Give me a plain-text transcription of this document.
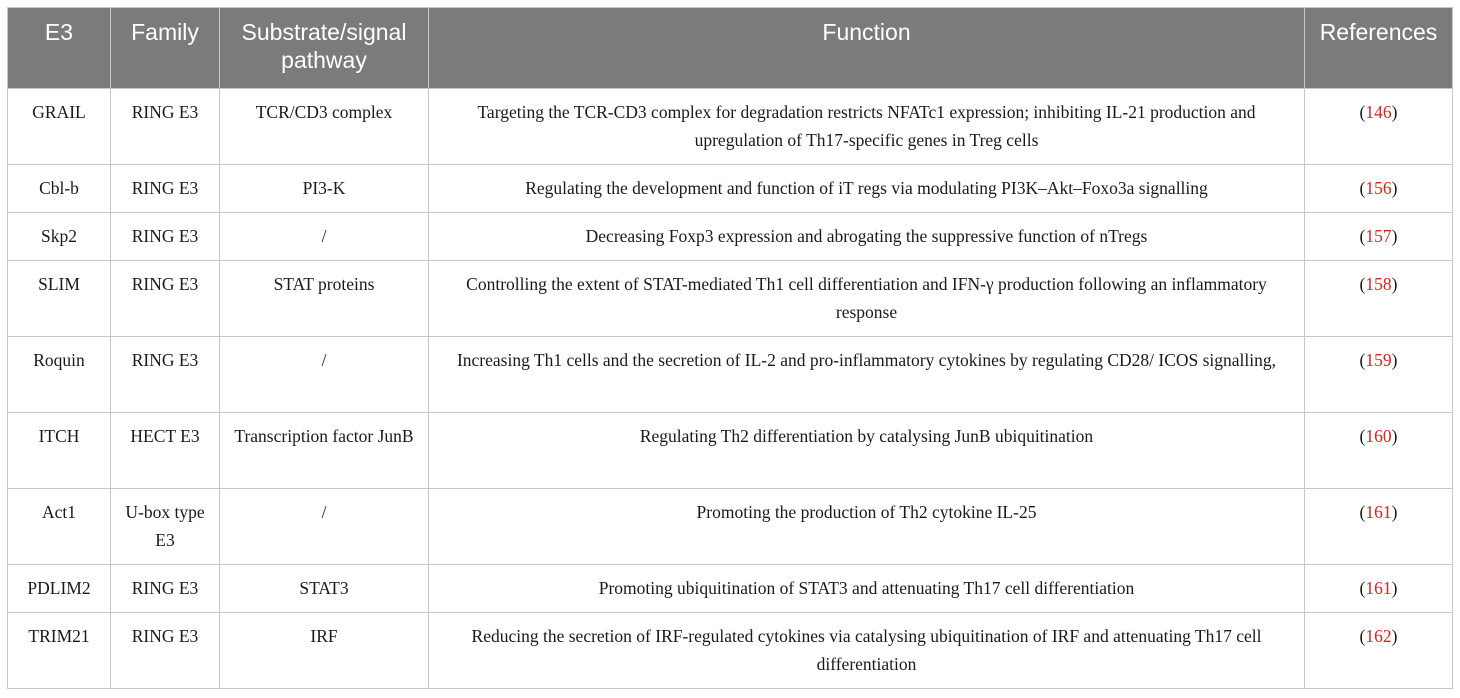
E3	Family	Substrate/signal pathway	Function	References
GRAIL	RING E3	TCR/CD3 complex	Targeting the TCR-CD3 complex for degradation restricts NFATc1 expression; inhibiting IL-21 production and upregulation of Th17-specific genes in Treg cells	(146)
Cbl-b	RING E3	PI3-K	Regulating the development and function of iT regs via modulating PI3K–Akt–Foxo3a signalling	(156)
Skp2	RING E3	/	Decreasing Foxp3 expression and abrogating the suppressive function of nTregs	(157)
SLIM	RING E3	STAT proteins	Controlling the extent of STAT-mediated Th1 cell differentiation and IFN-γ production following an inflammatory response	(158)
Roquin	RING E3	/	Increasing Th1 cells and the secretion of IL-2 and pro-inflammatory cytokines by regulating CD28/ ICOS signalling,	(159)
ITCH	HECT E3	Transcription factor JunB	Regulating Th2 differentiation by catalysing JunB ubiquitination	(160)
Act1	U-box type E3	/	Promoting the production of Th2 cytokine IL-25	(161)
PDLIM2	RING E3	STAT3	Promoting ubiquitination of STAT3 and attenuating Th17 cell differentiation	(161)
TRIM21	RING E3	IRF	Reducing the secretion of IRF-regulated cytokines via catalysing ubiquitination of IRF and attenuating Th17 cell differentiation	(162)
